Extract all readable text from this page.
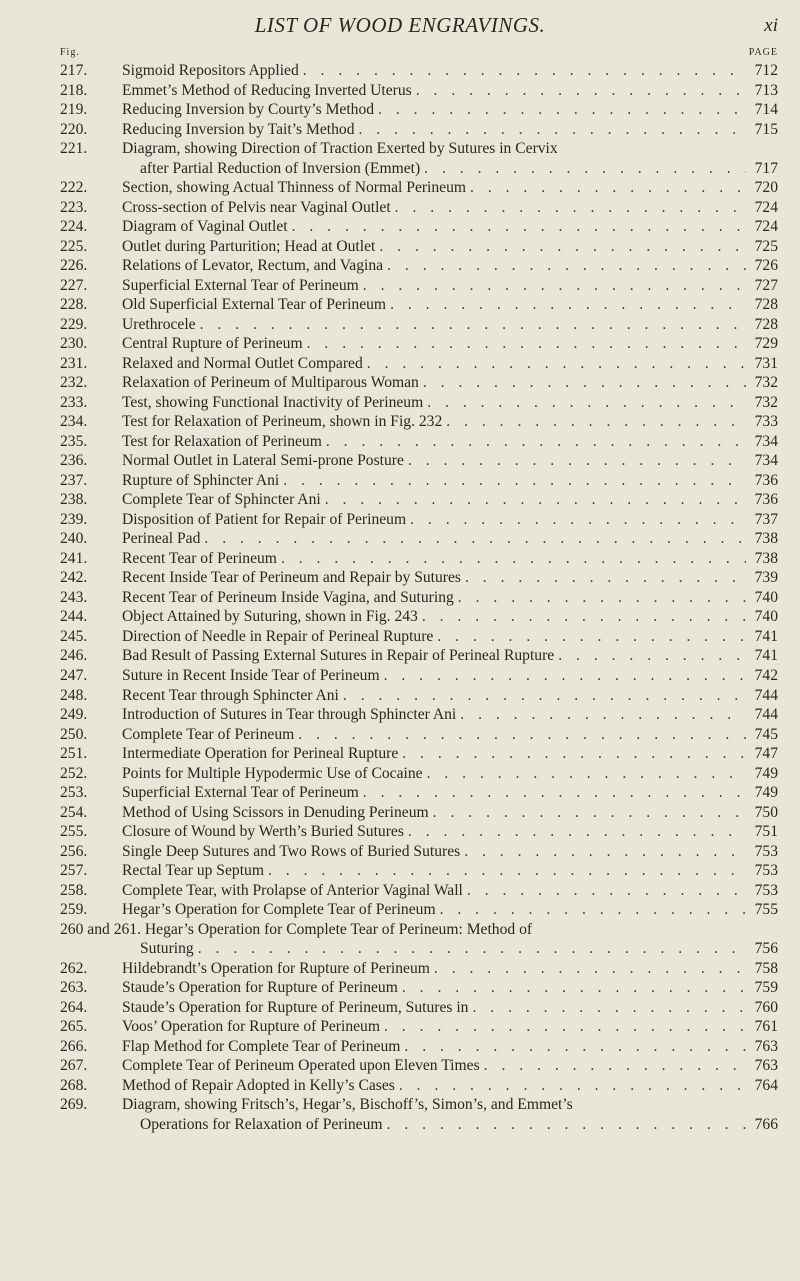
LIST OF WOOD ENGRAVINGS.	xi
Fig.	PAGE
217.	Sigmoid Repositors Applied . . .	712
218.	Emmet’s Method of Reducing Inverted Uterus . . .	713
219.	Reducing Inversion by Courty’s Method . . .	714
220.	Reducing Inversion by Tait’s Method . . .	715
221.	Diagram, showing Direction of Traction Exerted by Sutures in Cervix
after Partial Reduction of Inversion (Emmet) . . .	717
222.	Section, showing Actual Thinness of Normal Perineum . . .	720
223.	Cross-section of Pelvis near Vaginal Outlet . . .	724
224.	Diagram of Vaginal Outlet . . .	724
225.	Outlet during Parturition; Head at Outlet . . .	725
226.	Relations of Levator, Rectum, and Vagina . . .	726
227.	Superficial External Tear of Perineum . . .	727
228.	Old Superficial External Tear of Perineum . . .	728
229.	Urethrocele . . .	728
230.	Central Rupture of Perineum . . .	729
231.	Relaxed and Normal Outlet Compared . . .	731
232.	Relaxation of Perineum of Multiparous Woman . . .	732
233.	Test, showing Functional Inactivity of Perineum . . .	732
234.	Test for Relaxation of Perineum, shown in Fig. 232 . . .	733
235.	Test for Relaxation of Perineum . . .	734
236.	Normal Outlet in Lateral Semi-prone Posture . . .	734
237.	Rupture of Sphincter Ani . . .	736
238.	Complete Tear of Sphincter Ani . . .	736
239.	Disposition of Patient for Repair of Perineum . . .	737
240.	Perineal Pad . . .	738
241.	Recent Tear of Perineum . . .	738
242.	Recent Inside Tear of Perineum and Repair by Sutures . . .	739
243.	Recent Tear of Perineum Inside Vagina, and Suturing . . .	740
244.	Object Attained by Suturing, shown in Fig. 243 . . .	740
245.	Direction of Needle in Repair of Perineal Rupture . . .	741
246.	Bad Result of Passing External Sutures in Repair of Perineal Rupture . . .	741
247.	Suture in Recent Inside Tear of Perineum . . .	742
248.	Recent Tear through Sphincter Ani . . .	744
249.	Introduction of Sutures in Tear through Sphincter Ani . . .	744
250.	Complete Tear of Perineum . . .	745
251.	Intermediate Operation for Perineal Rupture . . .	747
252.	Points for Multiple Hypodermic Use of Cocaine . . .	749
253.	Superficial External Tear of Perineum . . .	749
254.	Method of Using Scissors in Denuding Perineum . . .	750
255.	Closure of Wound by Werth’s Buried Sutures . . .	751
256.	Single Deep Sutures and Two Rows of Buried Sutures . . .	753
257.	Rectal Tear up Septum . . .	753
258.	Complete Tear, with Prolapse of Anterior Vaginal Wall . . .	753
259.	Hegar’s Operation for Complete Tear of Perineum . . .	755
260 and 261. Hegar’s Operation for Complete Tear of Perineum: Method of
Suturing . . .	756
262.	Hildebrandt’s Operation for Rupture of Perineum . . .	758
263.	Staude’s Operation for Rupture of Perineum . . .	759
264.	Staude’s Operation for Rupture of Perineum, Sutures in . . .	760
265.	Voos’ Operation for Rupture of Perineum . . .	761
266.	Flap Method for Complete Tear of Perineum . . .	763
267.	Complete Tear of Perineum Operated upon Eleven Times . . .	763
268.	Method of Repair Adopted in Kelly’s Cases . . .	764
269.	Diagram, showing Fritsch’s, Hegar’s, Bischoff’s, Simon’s, and Emmet’s
Operations for Relaxation of Perineum . . .	766
